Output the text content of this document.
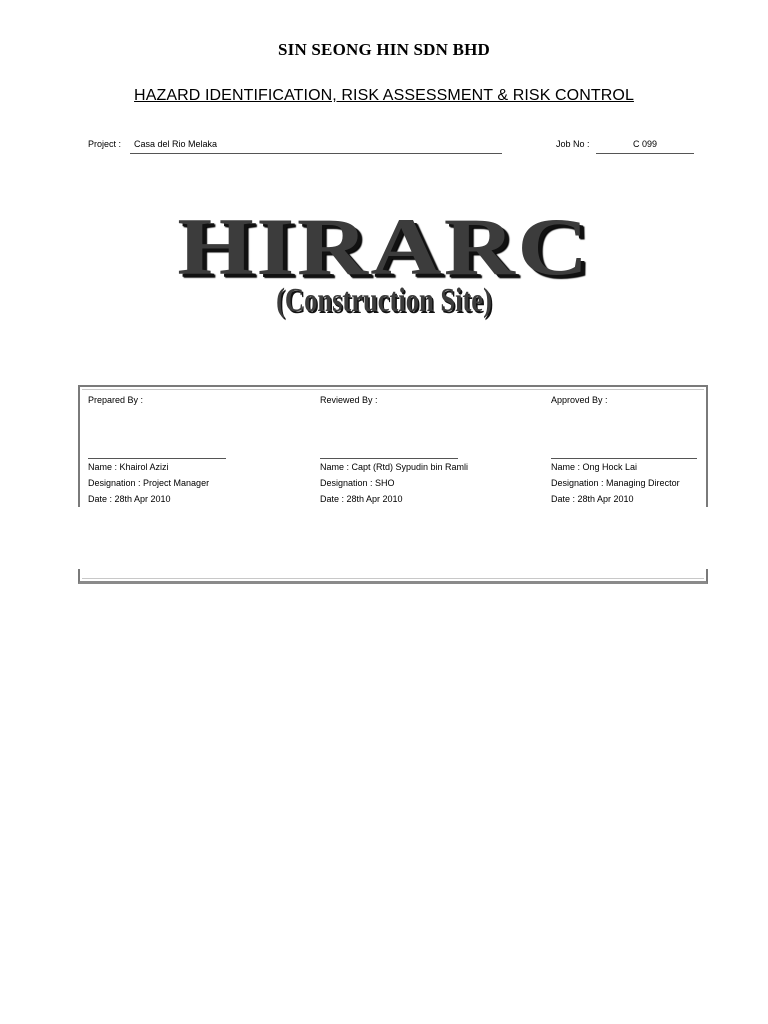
SIN SEONG HIN SDN BHD
HAZARD IDENTIFICATION, RISK ASSESSMENT & RISK CONTROL
Project : Casa del Rio Melaka	Job No :	C 099
HIRARC
(Construction Site)
Prepared By :
Name : Khairol Azizi
Designation : Project Manager
Date : 28th Apr 2010
Reviewed By :
Name : Capt (Rtd) Sypudin bin Ramli
Designation : SHO
Date : 28th Apr 2010
Approved By :
Name : Ong Hock Lai
Designation : Managing Director
Date : 28th Apr 2010
